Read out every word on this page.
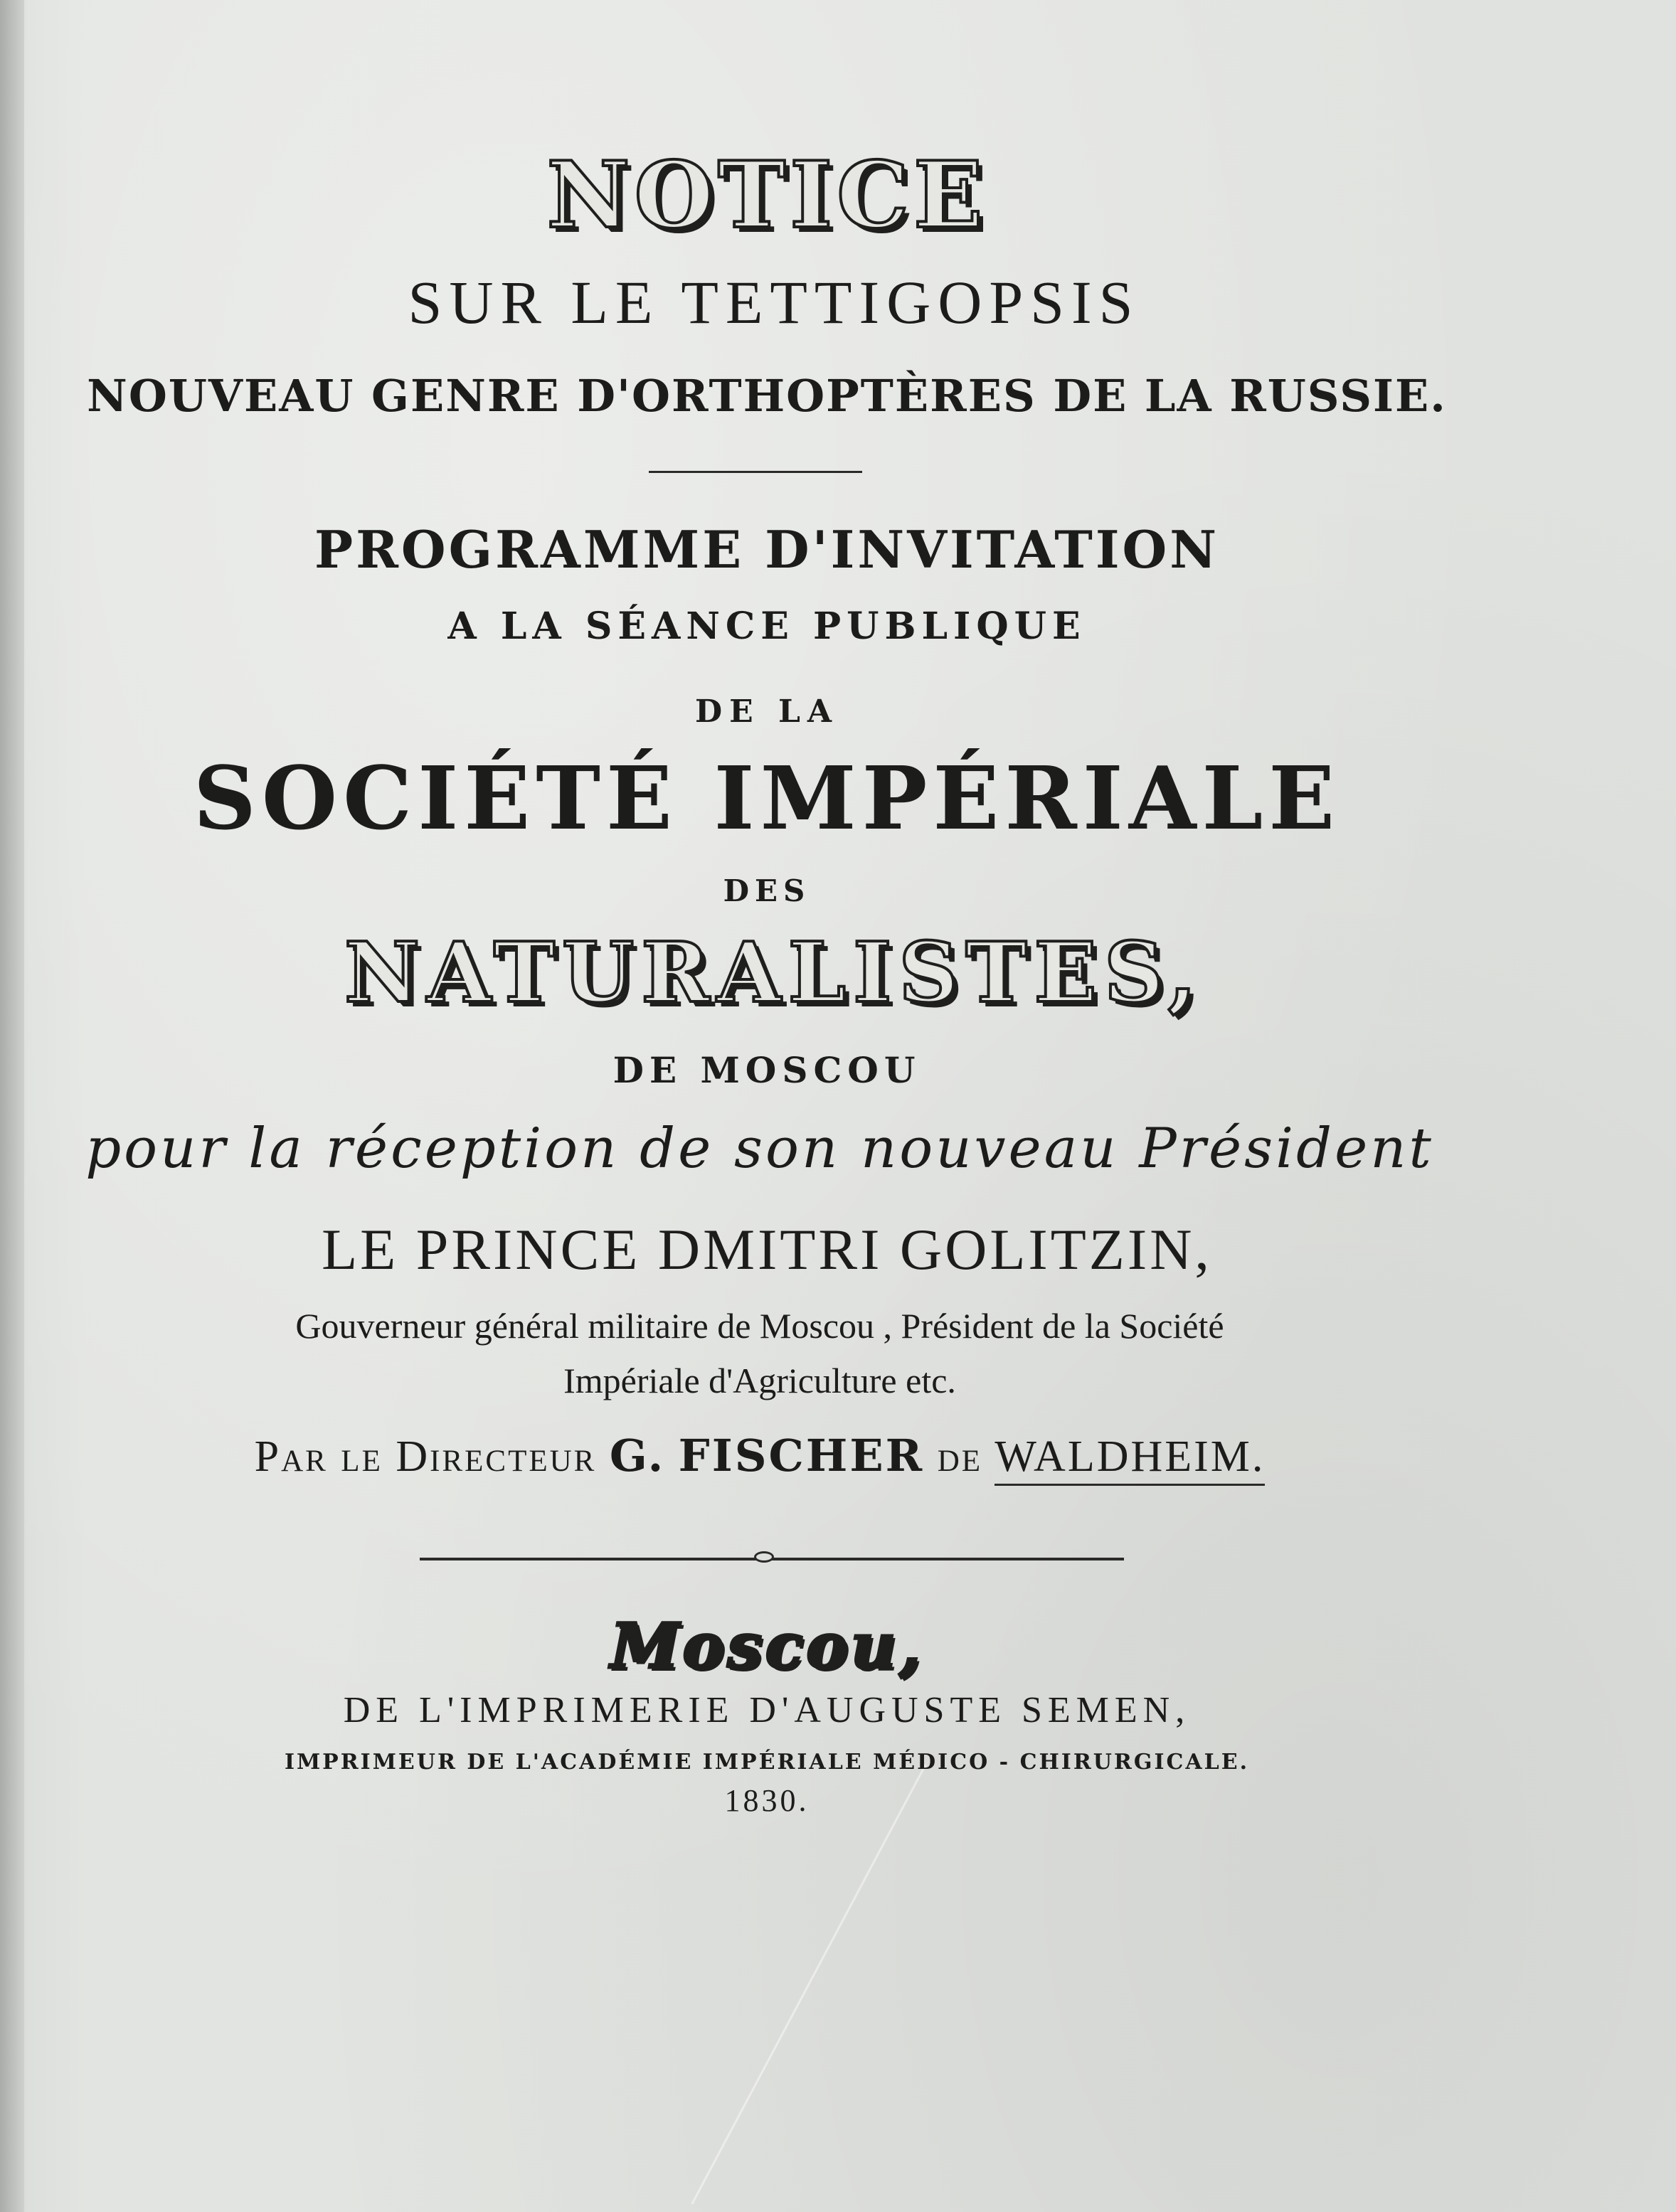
NOTICE
SUR LE TETTIGOPSIS
NOUVEAU GENRE D'ORTHOPTÈRES DE LA RUSSIE.
PROGRAMME D'INVITATION
A LA SÉANCE PUBLIQUE
DE LA
SOCIÉTÉ IMPÉRIALE
DES
NATURALISTES,
DE MOSCOU
pour la réception de son nouveau Président
LE PRINCE DMITRI GOLITZIN,
Gouverneur général militaire de Moscou , Président de la Société
Impériale d'Agriculture etc.
Par le Directeur G. FISCHER de WALDHEIM.
Moscou,
DE L'IMPRIMERIE D'AUGUSTE SEMEN,
IMPRIMEUR DE L'ACADÉMIE IMPÉRIALE MÉDICO - CHIRURGICALE.
1830.
